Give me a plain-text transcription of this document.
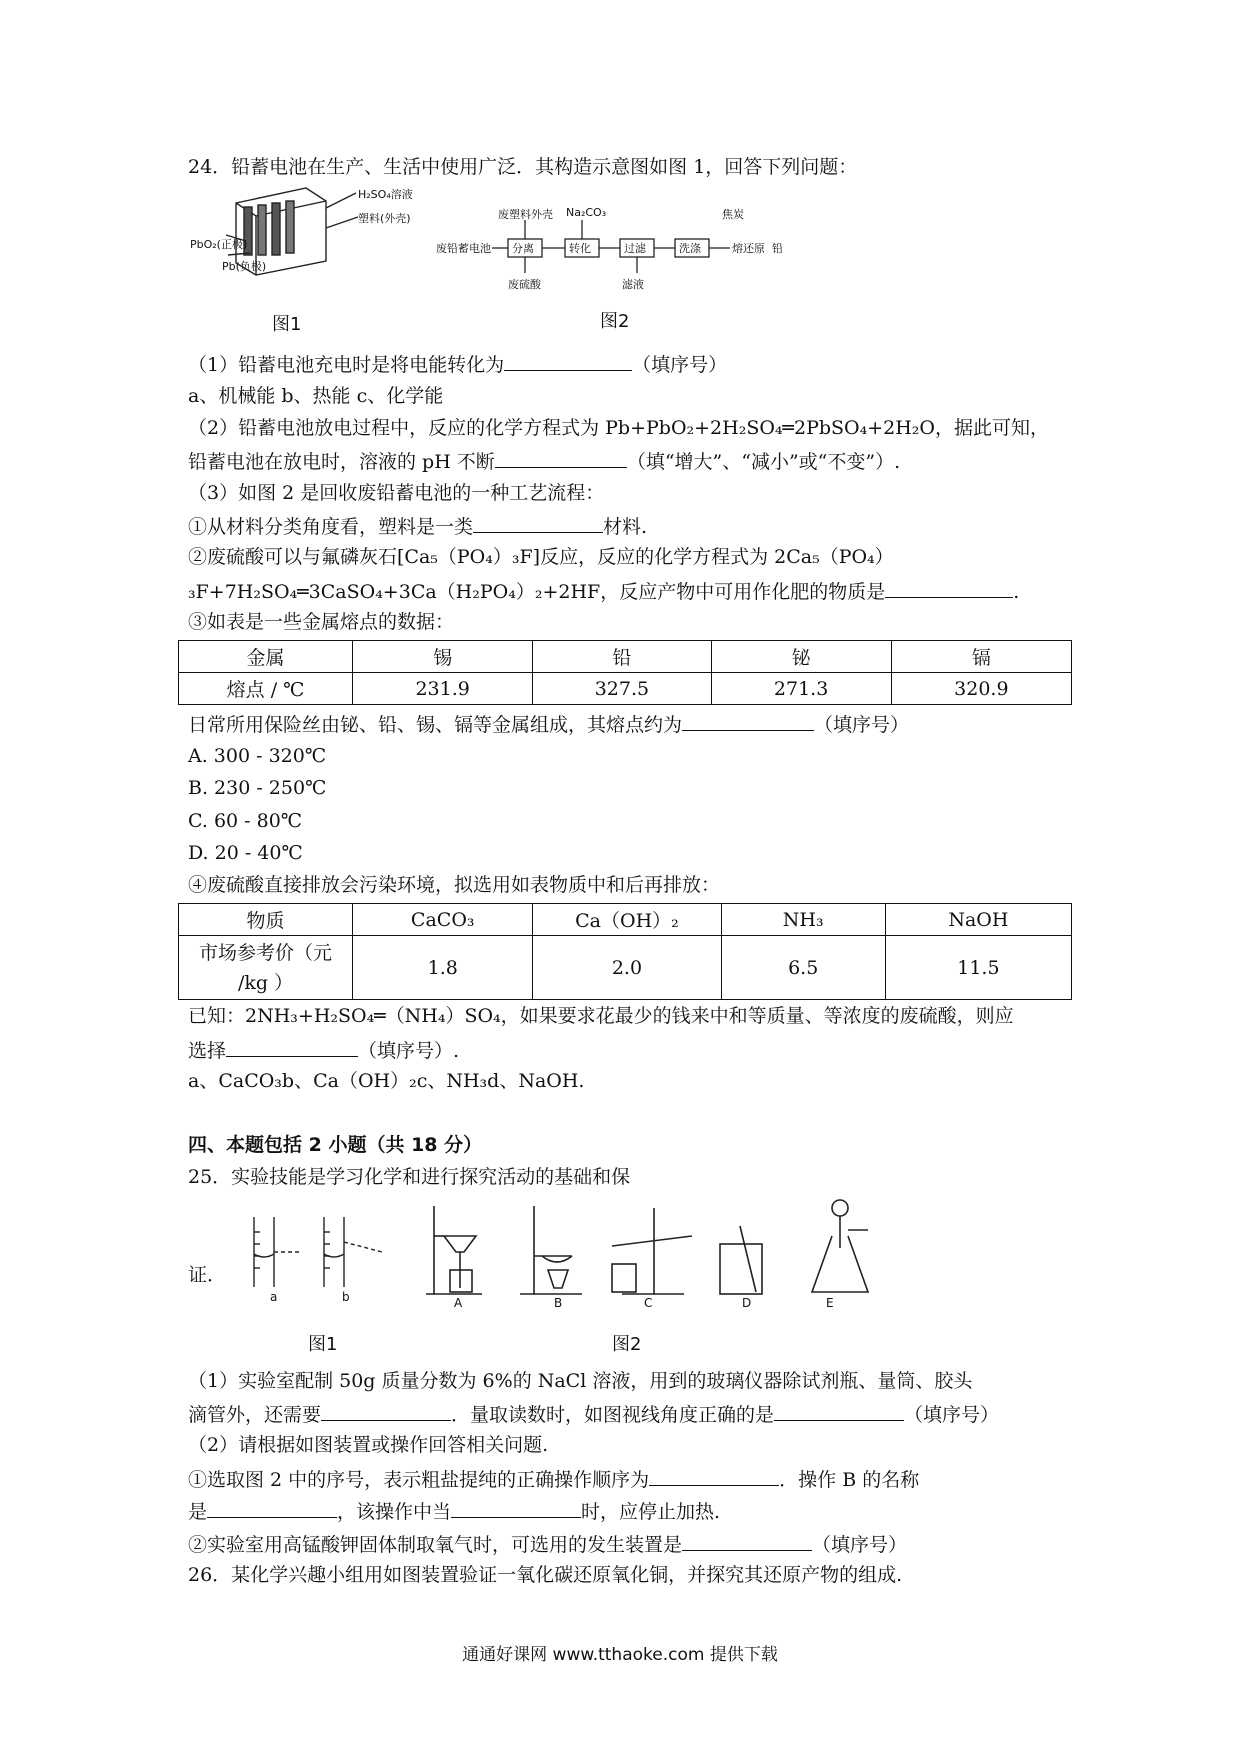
24．铅蓄电池在生产、生活中使用广泛．其构造示意图如图 1，回答下列问题：
H₂SO₄溶液
塑料(外壳)
PbO₂(正极)
Pb(负极)
图1
废铅蓄电池 分离	转化	过滤	洗涤	熔还原 铅
废塑料外壳 Na₂CO₃	焦炭
废硫酸	滤液
图2
（1）铅蓄电池充电时是将电能转化为	（填序号）
a、机械能 b、热能 c、化学能
（2）铅蓄电池放电过程中，反应的化学方程式为 Pb+PbO₂+2H₂SO₄═2PbSO₄+2H₂O，据此可知，
铅蓄电池在放电时，溶液的 pH 不断	（填“增大”、“减小”或“不变”）.
（3）如图 2 是回收废铅蓄电池的一种工艺流程：
①从材料分类角度看，塑料是一类	材料.
②废硫酸可以与氟磷灰石[Ca₅（PO₄）₃F]反应，反应的化学方程式为 2Ca₅（PO₄）
₃F+7H₂SO₄═3CaSO₄+3Ca（H₂PO₄）₂+2HF，反应产物中可用作化肥的物质是	.
③如表是一些金属熔点的数据：
金属	锡	铅	铋	镉
熔点 / ℃	231.9	327.5	271.3	320.9
日常所用保险丝由铋、铅、锡、镉等金属组成，其熔点约为	（填序号）
A. 300 - 320℃
B. 230 - 250℃
C. 60 - 80℃
D. 20 - 40℃
④废硫酸直接排放会污染环境，拟选用如表物质中和后再排放：
物质	CaCO₃	Ca（OH）₂	NH₃	NaOH

市场参考价（元
/kg ）	1.8	2.0	6.5	11.5
已知：2NH₃+H₂SO₄═（NH₄）SO₄，如果要求花最少的钱来中和等质量、等浓度的废硫酸，则应
选择	（填序号）.
a、CaCO₃b、Ca（OH）₂c、NH₃d、NaOH.
四、本题包括 2 小题（共 18 分）
25．实验技能是学习化学和进行探究活动的基础和保
证．
a	b
图1
A	B	C	D	E
图2
（1）实验室配制 50g 质量分数为 6%的 NaCl 溶液，用到的玻璃仪器除试剂瓶、量筒、胶头
滴管外，还需要	．量取读数时，如图视线角度正确的是	（填序号）
（2）请根据如图装置或操作回答相关问题.
①选取图 2 中的序号，表示粗盐提纯的正确操作顺序为	．操作 B 的名称
是	，该操作中当	时，应停止加热.
②实验室用高锰酸钾固体制取氧气时，可选用的发生装置是	（填序号）
26．某化学兴趣小组用如图装置验证一氧化碳还原氧化铜，并探究其还原产物的组成.
通通好课网 www.tthaoke.com 提供下载
